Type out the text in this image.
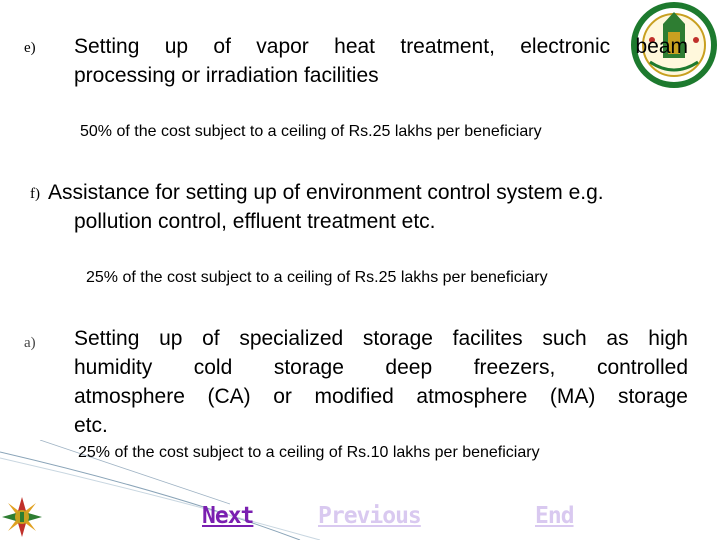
e) Setting up of vapor heat treatment, electronic beam
processing or irradiation facilities
50% of the cost subject to a ceiling of Rs.25 lakhs per beneficiary
f) Assistance for setting up of environment control system e.g.
pollution control, effluent treatment etc.
25% of the cost subject to a ceiling of Rs.25 lakhs per beneficiary
a) Setting up of specialized storage facilites such as high
humidity cold storage deep freezers, controlled
atmosphere (CA) or modified atmosphere (MA) storage
etc.
25% of the cost subject to a ceiling of Rs.10 lakhs per beneficiary
Next	Previous	End
